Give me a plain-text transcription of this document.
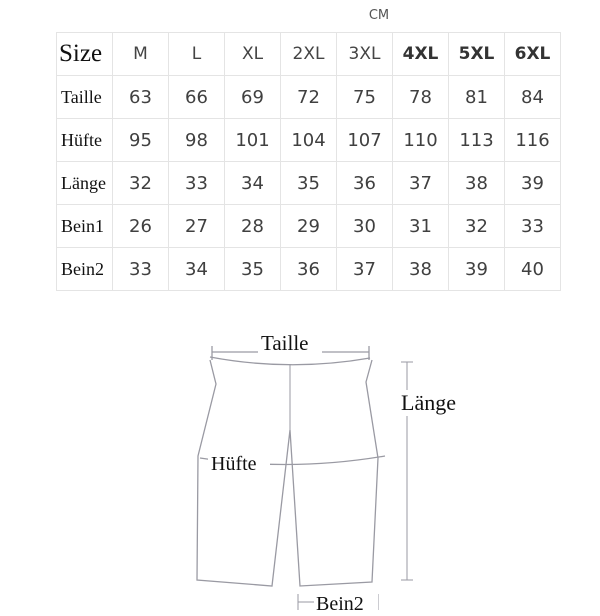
CM
Size	M	L	XL	2XL	3XL	4XL	5XL	6XL
Taille	63	66	69	72	75	78	81	84
Hüfte	95	98	101	104	107	110	113	116
Länge	32	33	34	35	36	37	38	39
Bein1	26	27	28	29	30	31	32	33
Bein2	33	34	35	36	37	38	39	40
Taille
Länge
Hüfte
Bein2
